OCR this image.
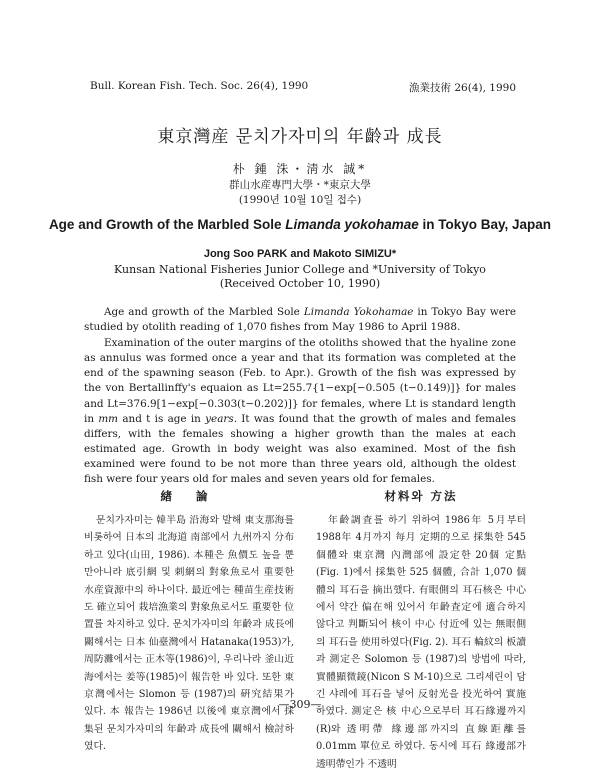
Bull. Korean Fish. Tech. Soc. 26(4), 1990	漁業技術 26(4), 1990
東京灣産 문치가자미의 年齡과 成長
朴 鍾 洙・淸水 誠*
群山水産專門大學・*東京大學
(1990년 10월 10일 접수)
Age and Growth of the Marbled Sole Limanda yokohamae in Tokyo Bay, Japan
Jong Soo PARK and Makoto SIMIZU*
Kunsan National Fisheries Junior College and *University of Tokyo
(Received October 10, 1990)

Age and growth of the Marbled Sole Limanda Yokohamae in Tokyo Bay were studied by otolith reading of 1,070 fishes from May 1986 to April 1988.

Examination of the outer margins of the otoliths showed that the hyaline zone as annulus was formed once a year and that its formation was completed at the end of the spawning season (Feb. to Apr.). Growth of the fish was expressed by the von Bertallinffy's equaion as Lt=255.7{1−exp[−0.505 (t−0.149)]} for males and Lt=376.9[1−exp[−0.303(t−0.202)]} for females, where Lt is standard length in mm and t is age in years. It was found that the growth of males and females differs, with the females showing a higher growth than the males at each estimated age. Growth in body weight was also examined. Most of the fish examined were found to be not more than three years old, although the oldest fish were four years old for males and seven years old for females.

緖 論	材料와 方法

문치가자미는 韓半島 沿海와 발해 東支那海를 비롯하여 日本의 北海道 南部에서 九州까지 分布하고 있다(山田, 1986). 本種은 魚價도 높을 뿐 만아니라 底引網 및 刺網의 對象魚로서 重要한 水産資源中의 하나이다. 最近에는 種苗生産技術도 確立되어 栽培漁業의 對象魚로서도 重要한 位置를 차지하고 있다. 문치가자미의 年齡과 成長에 關해서는 日本 仙臺灣에서 Hatanaka(1953)가, 周防灘에서는 正木等(1986)이, 우리나라 釜山近海에서는 姜等(1985)이 報告한 바 있다. 또한 東京灣에서는 Slomon 등 (1987)의 硏究結果가 있다. 本 報告는 1986년 以後에 東京灣에서 採集된 문치가자미의 年齡과 成長에 關해서 檢討하였다.

年齡調査를 하기 위하여 1986年 5月부터 1988年 4月까지 每月 定期的으로 採集한 545 個體와 東京灣 內灣部에 設定한 20個 定點 (Fig. 1)에서 採集한 525 個體, 合計 1,070 個體의 耳石을 摘出했다. 有眼側의 耳石核은 中心에서 약간 偏在해 있어서 年齡査定에 適合하지 않다고 判斷되어 核이 中心 付近에 있는 無眼側의 耳石을 使用하였다(Fig. 2). 耳石 輪紋의 板讀과 測定은 Solomon 등 (1987)의 방법에 따라, 實體顯微鏡(Nicon S M-10)으로 그리세린이 담긴 샤레에 耳石을 넣어 反射光을 投光하여 實施하였다. 測定은 核 中心으로부터 耳石緣邊까지(R)와 透明帶 緣邊部까지의 直線距離를 0.01mm 單位로 하였다. 동시에 耳石 緣邊部가 透明帶인가 不透明

—309—
